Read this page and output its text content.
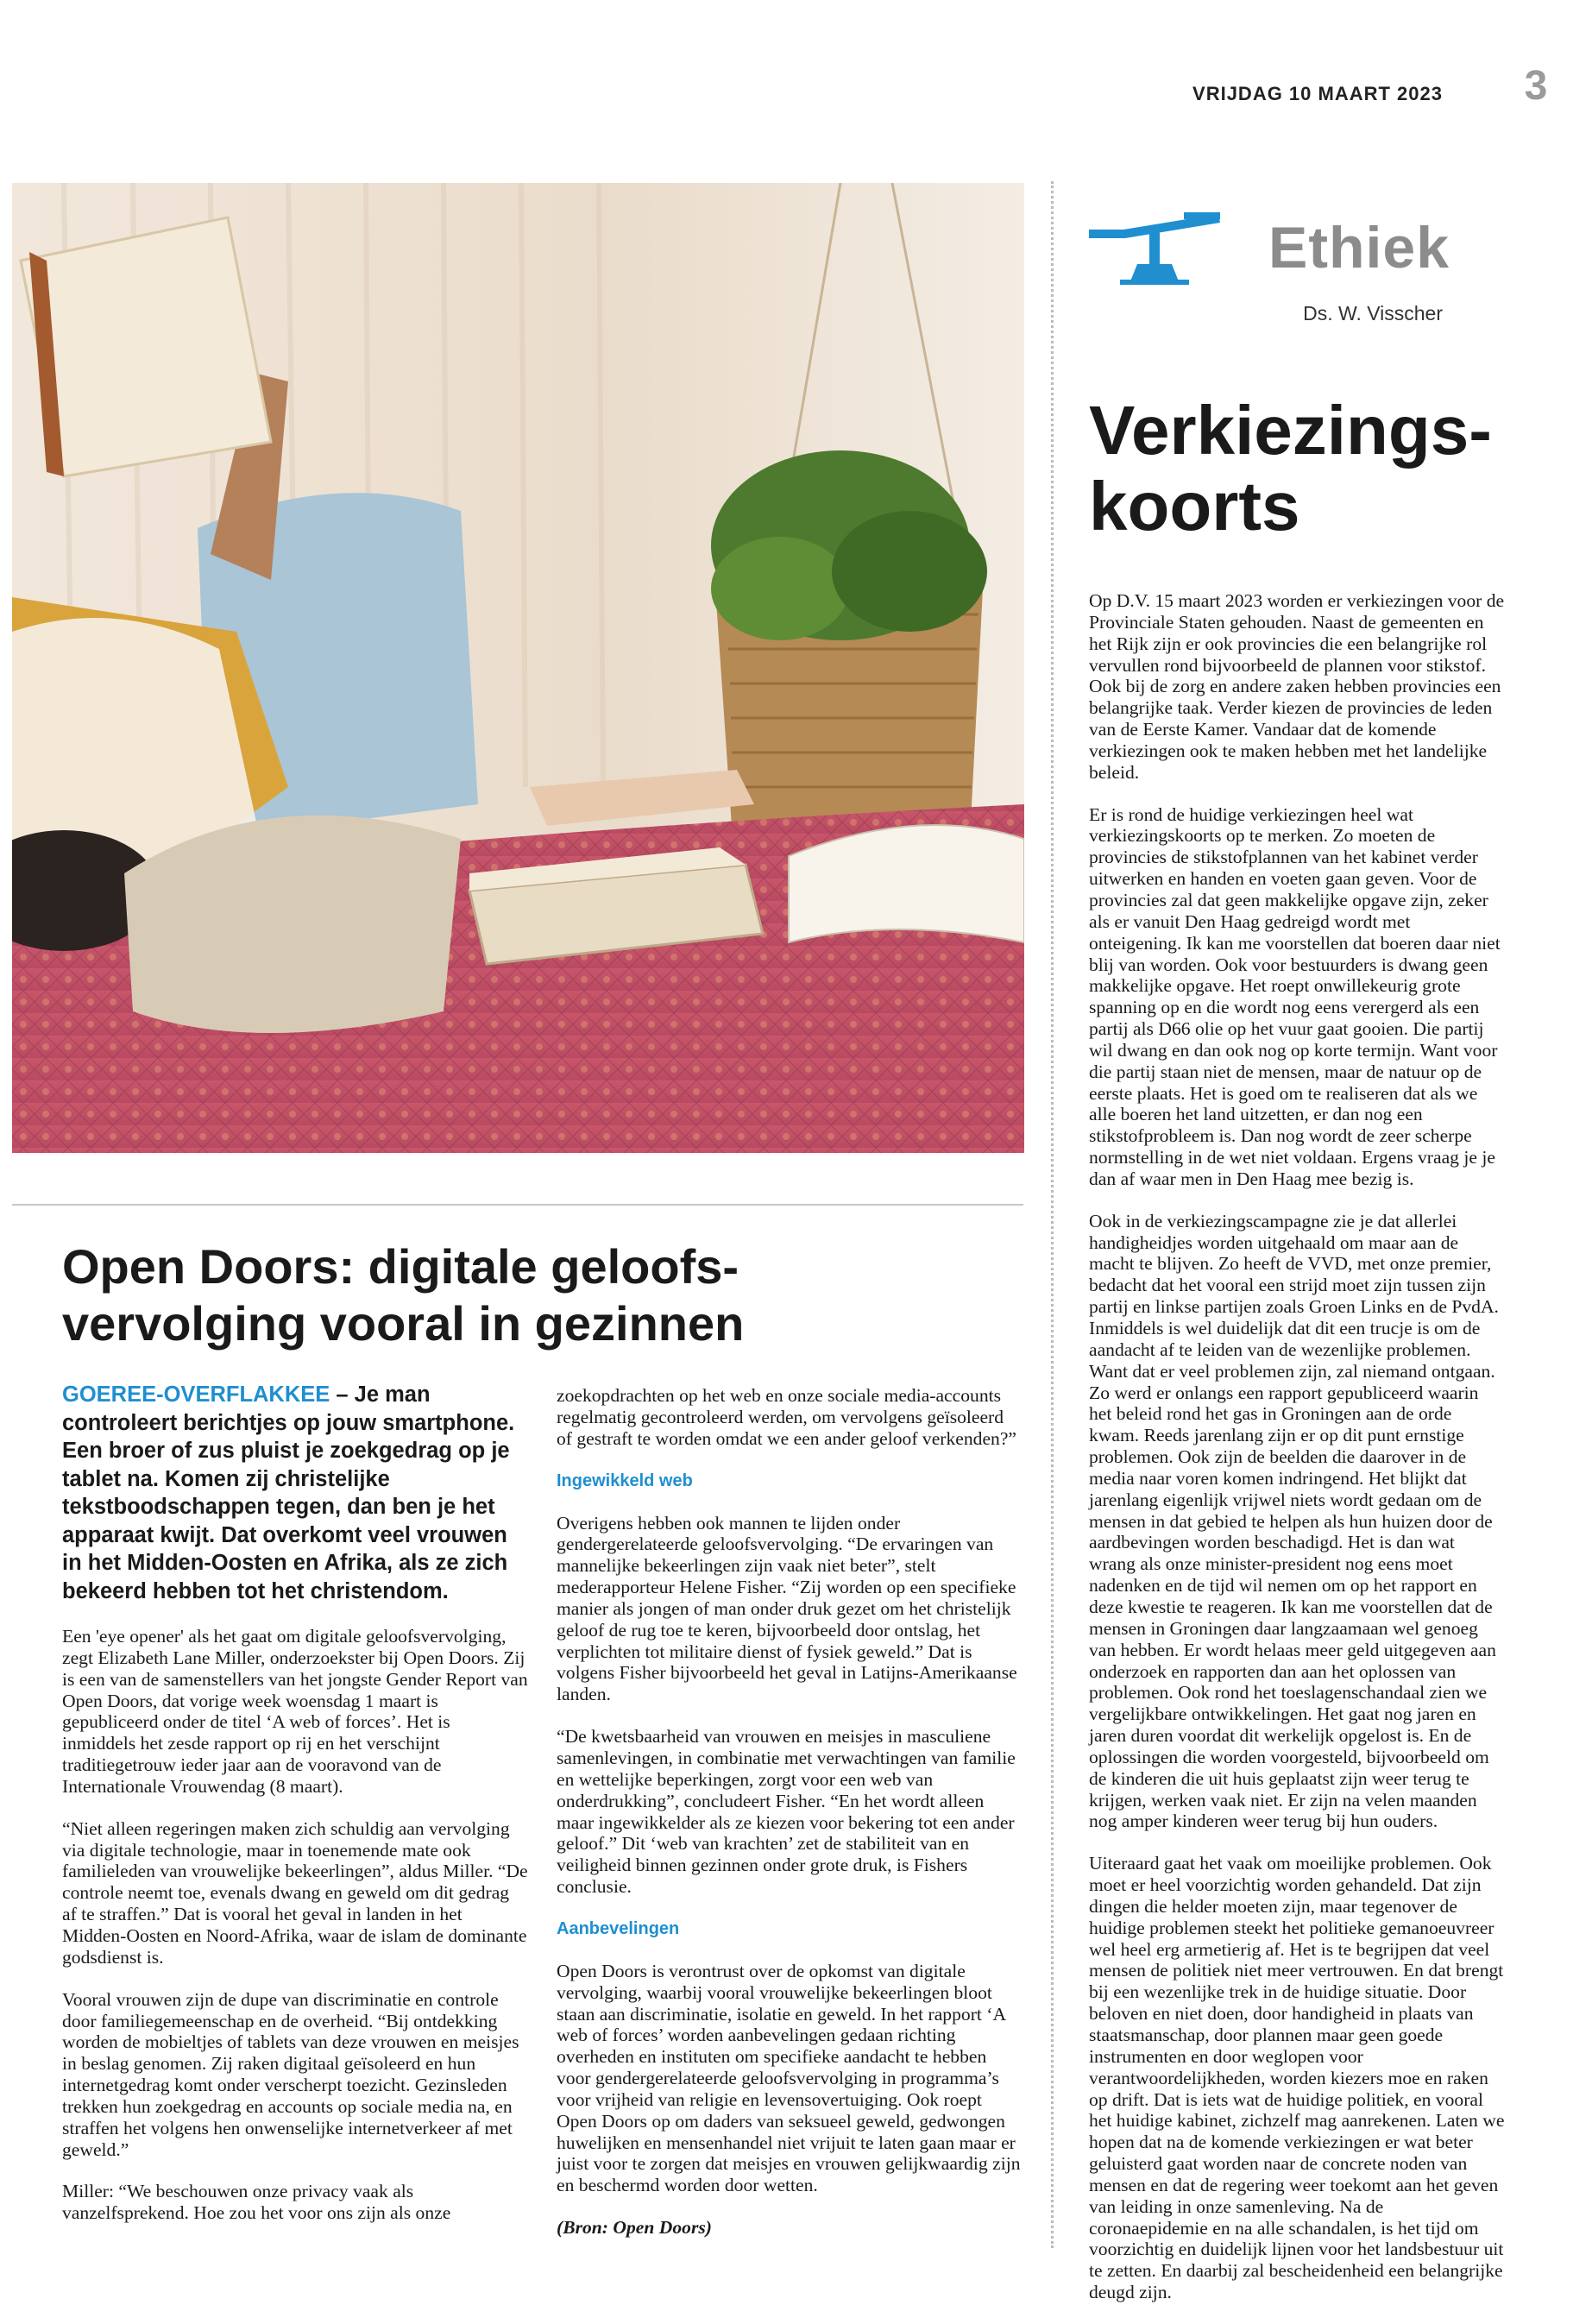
VRIJDAG 10 MAART 2023 3
Ethiek
Ds. W. Visscher
Verkiezings-
koorts

Op D.V. 15 maart 2023 worden er verkiezingen voor de Provinciale Staten gehouden. Naast de gemeenten en het Rijk zijn er ook provincies die een belangrijke rol vervullen rond bijvoorbeeld de plannen voor stikstof. Ook bij de zorg en andere zaken hebben provincies een belangrijke taak. Verder kiezen de provincies de leden van de Eerste Kamer. Vandaar dat de komende verkiezingen ook te maken hebben met het landelijke beleid.

Er is rond de huidige verkiezingen heel wat verkiezingskoorts op te merken. Zo moeten de provincies de stikstofplannen van het kabinet verder uitwerken en handen en voeten gaan geven. Voor de provincies zal dat geen makkelijke opgave zijn, zeker als er vanuit Den Haag gedreigd wordt met onteigening. Ik kan me voorstellen dat boeren daar niet blij van worden. Ook voor bestuurders is dwang geen makkelijke opgave. Het roept onwillekeurig grote spanning op en die wordt nog eens verergerd als een partij als D66 olie op het vuur gaat gooien. Die partij wil dwang en dan ook nog op korte termijn. Want voor die partij staan niet de mensen, maar de natuur op de eerste plaats. Het is goed om te realiseren dat als we alle boeren het land uitzetten, er dan nog een stikstofprobleem is. Dan nog wordt de zeer scherpe normstelling in de wet niet voldaan. Ergens vraag je je dan af waar men in Den Haag mee bezig is.

Ook in de verkiezingscampagne zie je dat allerlei handigheidjes worden uitgehaald om maar aan de macht te blijven. Zo heeft de VVD, met onze premier, bedacht dat het vooral een strijd moet zijn tussen zijn partij en linkse partijen zoals Groen Links en de PvdA. Inmiddels is wel duidelijk dat dit een trucje is om de aandacht af te leiden van de wezenlijke problemen. Want dat er veel problemen zijn, zal niemand ontgaan. Zo werd er onlangs een rapport gepubliceerd waarin het beleid rond het gas in Groningen aan de orde kwam. Reeds jarenlang zijn er op dit punt ernstige problemen. Ook zijn de beelden die daarover in de media naar voren komen indringend. Het blijkt dat jarenlang eigenlijk vrijwel niets wordt gedaan om de mensen in dat gebied te helpen als hun huizen door de aardbevingen worden beschadigd. Het is dan wat wrang als onze minister-president nog eens moet nadenken en de tijd wil nemen om op het rapport en deze kwestie te reageren. Ik kan me voorstellen dat de mensen in Groningen daar langzaamaan wel genoeg van hebben. Er wordt helaas meer geld uitgegeven aan onderzoek en rapporten dan aan het oplossen van problemen. Ook rond het toeslagenschandaal zien we vergelijkbare ontwikkelingen. Het gaat nog jaren en jaren duren voordat dit werkelijk opgelost is. En de oplossingen die worden voorgesteld, bijvoorbeeld om de kinderen die uit huis geplaatst zijn weer terug te krijgen, werken vaak niet. Er zijn na velen maanden nog amper kinderen weer terug bij hun ouders.

Uiteraard gaat het vaak om moeilijke problemen. Ook moet er heel voorzichtig worden gehandeld. Dat zijn dingen die helder moeten zijn, maar tegenover de huidige problemen steekt het politieke gemanoeuvreer wel heel erg armetierig af. Het is te begrijpen dat veel mensen de politiek niet meer vertrouwen. En dat brengt bij een wezenlijke trek in de huidige situatie. Door beloven en niet doen, door handigheid in plaats van staatsmanschap, door plannen maar geen goede instrumenten en door weglopen voor verantwoordelijkheden, worden kiezers moe en raken op drift. Dat is iets wat de huidige politiek, en vooral het huidige kabinet, zichzelf mag aanrekenen. Laten we hopen dat na de komende verkiezingen er wat beter geluisterd gaat worden naar de concrete noden van mensen en dat de regering weer toekomt aan het geven van leiding in onze samenleving. Na de coronaepidemie en na alle schandalen, is het tijd om voorzichtig en duidelijk lijnen voor het landsbestuur uit te zetten. En daarbij zal bescheidenheid een belangrijke deugd zijn.

Open Doors: digitale geloofs-
vervolging vooral in gezinnen

GOEREE-OVERFLAKKEE – Je man controleert berichtjes op jouw smartphone. Een broer of zus pluist je zoekgedrag op je tablet na. Komen zij christelijke tekstboodschappen tegen, dan ben je het apparaat kwijt. Dat overkomt veel vrouwen in het Midden-Oosten en Afrika, als ze zich bekeerd hebben tot het christendom.

Een 'eye opener' als het gaat om digitale geloofsvervolging, zegt Elizabeth Lane Miller, onderzoekster bij Open Doors. Zij is een van de samenstellers van het jongste Gender Report van Open Doors, dat vorige week woensdag 1 maart is gepubliceerd onder de titel ‘A web of forces’. Het is inmiddels het zesde rapport op rij en het verschijnt traditiegetrouw ieder jaar aan de vooravond van de Internationale Vrouwendag (8 maart).

“Niet alleen regeringen maken zich schuldig aan vervolging via digitale technologie, maar in toenemende mate ook familieleden van vrouwelijke bekeerlingen”, aldus Miller. “De controle neemt toe, evenals dwang en geweld om dit gedrag af te straffen.” Dat is vooral het geval in landen in het Midden-Oosten en Noord-Afrika, waar de islam de dominante godsdienst is.

Vooral vrouwen zijn de dupe van discriminatie en controle door familiegemeenschap en de overheid. “Bij ontdekking worden de mobieltjes of tablets van deze vrouwen en meisjes in beslag genomen. Zij raken digitaal geïsoleerd en hun internetgedrag komt onder verscherpt toezicht. Gezinsleden trekken hun zoekgedrag en accounts op sociale media na, en straffen het volgens hen onwenselijke internetverkeer af met geweld.”

Miller: “We beschouwen onze privacy vaak als vanzelfsprekend. Hoe zou het voor ons zijn als onze

zoekopdrachten op het web en onze sociale media-accounts regelmatig gecontroleerd werden, om vervolgens geïsoleerd of gestraft te worden omdat we een ander geloof verkenden?”

Ingewikkeld web

Overigens hebben ook mannen te lijden onder gendergerelateerde geloofsvervolging. “De ervaringen van mannelijke bekeerlingen zijn vaak niet beter”, stelt mederapporteur Helene Fisher. “Zij worden op een specifieke manier als jongen of man onder druk gezet om het christelijk geloof de rug toe te keren, bijvoorbeeld door ontslag, het verplichten tot militaire dienst of fysiek geweld.” Dat is volgens Fisher bijvoorbeeld het geval in Latijns-Amerikaanse landen.

“De kwetsbaarheid van vrouwen en meisjes in masculiene samenlevingen, in combinatie met verwachtingen van familie en wettelijke beperkingen, zorgt voor een web van onderdrukking”, concludeert Fisher. “En het wordt alleen maar ingewikkelder als ze kiezen voor bekering tot een ander geloof.” Dit ‘web van krachten’ zet de stabiliteit van en veiligheid binnen gezinnen onder grote druk, is Fishers conclusie.

Aanbevelingen

Open Doors is verontrust over de opkomst van digitale vervolging, waarbij vooral vrouwelijke bekeerlingen bloot staan aan discriminatie, isolatie en geweld. In het rapport ‘A web of forces’ worden aanbevelingen gedaan richting overheden en instituten om specifieke aandacht te hebben voor gendergerelateerde geloofsvervolging in programma’s voor vrijheid van religie en levensovertuiging. Ook roept Open Doors op om daders van seksueel geweld, gedwongen huwelijken en mensenhandel niet vrijuit te laten gaan maar er juist voor te zorgen dat meisjes en vrouwen gelijkwaardig zijn en beschermd worden door wetten.

(Bron: Open Doors)
